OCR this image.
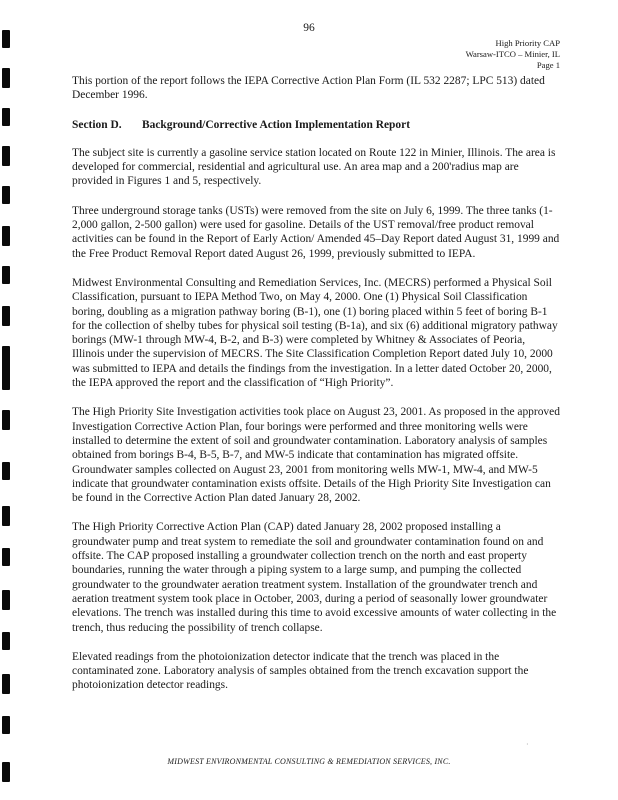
96
High Priority CAP
Warsaw-ITCO – Minier, IL
Page 1

This portion of the report follows the IEPA Corrective Action Plan Form (IL 532 2287; LPC 513) dated December 1996.

Section D. Background/Corrective Action Implementation Report

The subject site is currently a gasoline service station located on Route 122 in Minier, Illinois. The area is developed for commercial, residential and agricultural use. An area map and a 200'radius map are provided in Figures 1 and 5, respectively.

Three underground storage tanks (USTs) were removed from the site on July 6, 1999. The three tanks (1-2,000 gallon, 2-500 gallon) were used for gasoline. Details of the UST removal/free product removal activities can be found in the Report of Early Action/ Amended 45–Day Report dated August 31, 1999 and the Free Product Removal Report dated August 26, 1999, previously submitted to IEPA.

Midwest Environmental Consulting and Remediation Services, Inc. (MECRS) performed a Physical Soil Classification, pursuant to IEPA Method Two, on May 4, 2000. One (1) Physical Soil Classification boring, doubling as a migration pathway boring (B-1), one (1) boring placed within 5 feet of boring B-1 for the collection of shelby tubes for physical soil testing (B-1a), and six (6) additional migratory pathway borings (MW-1 through MW-4, B-2, and B-3) were completed by Whitney & Associates of Peoria, Illinois under the supervision of MECRS. The Site Classification Completion Report dated July 10, 2000 was submitted to IEPA and details the findings from the investigation. In a letter dated October 20, 2000, the IEPA approved the report and the classification of “High Priority”.

The High Priority Site Investigation activities took place on August 23, 2001. As proposed in the approved Investigation Corrective Action Plan, four borings were performed and three monitoring wells were installed to determine the extent of soil and groundwater contamination. Laboratory analysis of samples obtained from borings B-4, B-5, B-7, and MW-5 indicate that contamination has migrated offsite. Groundwater samples collected on August 23, 2001 from monitoring wells MW-1, MW-4, and MW-5 indicate that groundwater contamination exists offsite. Details of the High Priority Site Investigation can be found in the Corrective Action Plan dated January 28, 2002.

The High Priority Corrective Action Plan (CAP) dated January 28, 2002 proposed installing a groundwater pump and treat system to remediate the soil and groundwater contamination found on and offsite. The CAP proposed installing a groundwater collection trench on the north and east property boundaries, running the water through a piping system to a large sump, and pumping the collected groundwater to the groundwater aeration treatment system. Installation of the groundwater trench and aeration treatment system took place in October, 2003, during a period of seasonally lower groundwater elevations. The trench was installed during this time to avoid excessive amounts of water collecting in the trench, thus reducing the possibility of trench collapse.

Elevated readings from the photoionization detector indicate that the trench was placed in the contaminated zone. Laboratory analysis of samples obtained from the trench excavation support the photoionization detector readings.

·
MIDWEST ENVIRONMENTAL CONSULTING & REMEDIATION SERVICES, INC.
